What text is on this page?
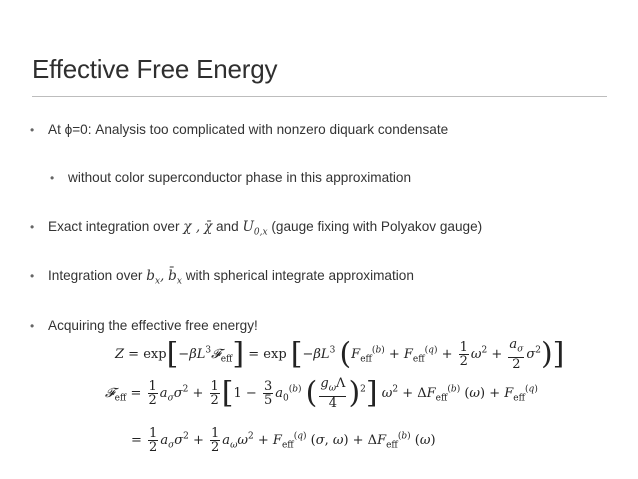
Effective Free Energy
• At ϕ=0: Analysis too complicated with nonzero diquark condensate
• without color superconductor phase in this approximation
• Exact integration over χ , χ̄ and $U_{0,x}$ (gauge fixing with Polyakov gauge)
• Integration over $b_x$, $b̄_x$ with spherical integrate approximation
• Acquiring the effective free energy!
$Z = \exp[-\beta L^3𝓕_{eff}] = \exp [-\beta L^3$ $(F_{eff}^{(b)} + F_{eff}^{(q)} + \frac{1}{2} \omega^2 + \frac{a_\sigma}{2} \sigma^2)$]
𝓕$_{eff}$ = $\frac{1}{2} a_\sigma\sigma^2 + \frac{1}{2} [1 - \frac{3}{5} a_0^{(b)}$ ( $\frac{g_\omega\Lambda}{4} )^2$] $\omega^2 + \Delta F_{eff}^{(b)}$ $(\omega) + F_{eff}^{(q)}$
= $\frac{1}{2} a_\sigma\sigma^2 + \frac{1}{2} a_\omega\omega^2 + F_{eff}^{(q)}$ (σ, $\omega) + \Delta F_{eff}^{(b)}$ (ω)
